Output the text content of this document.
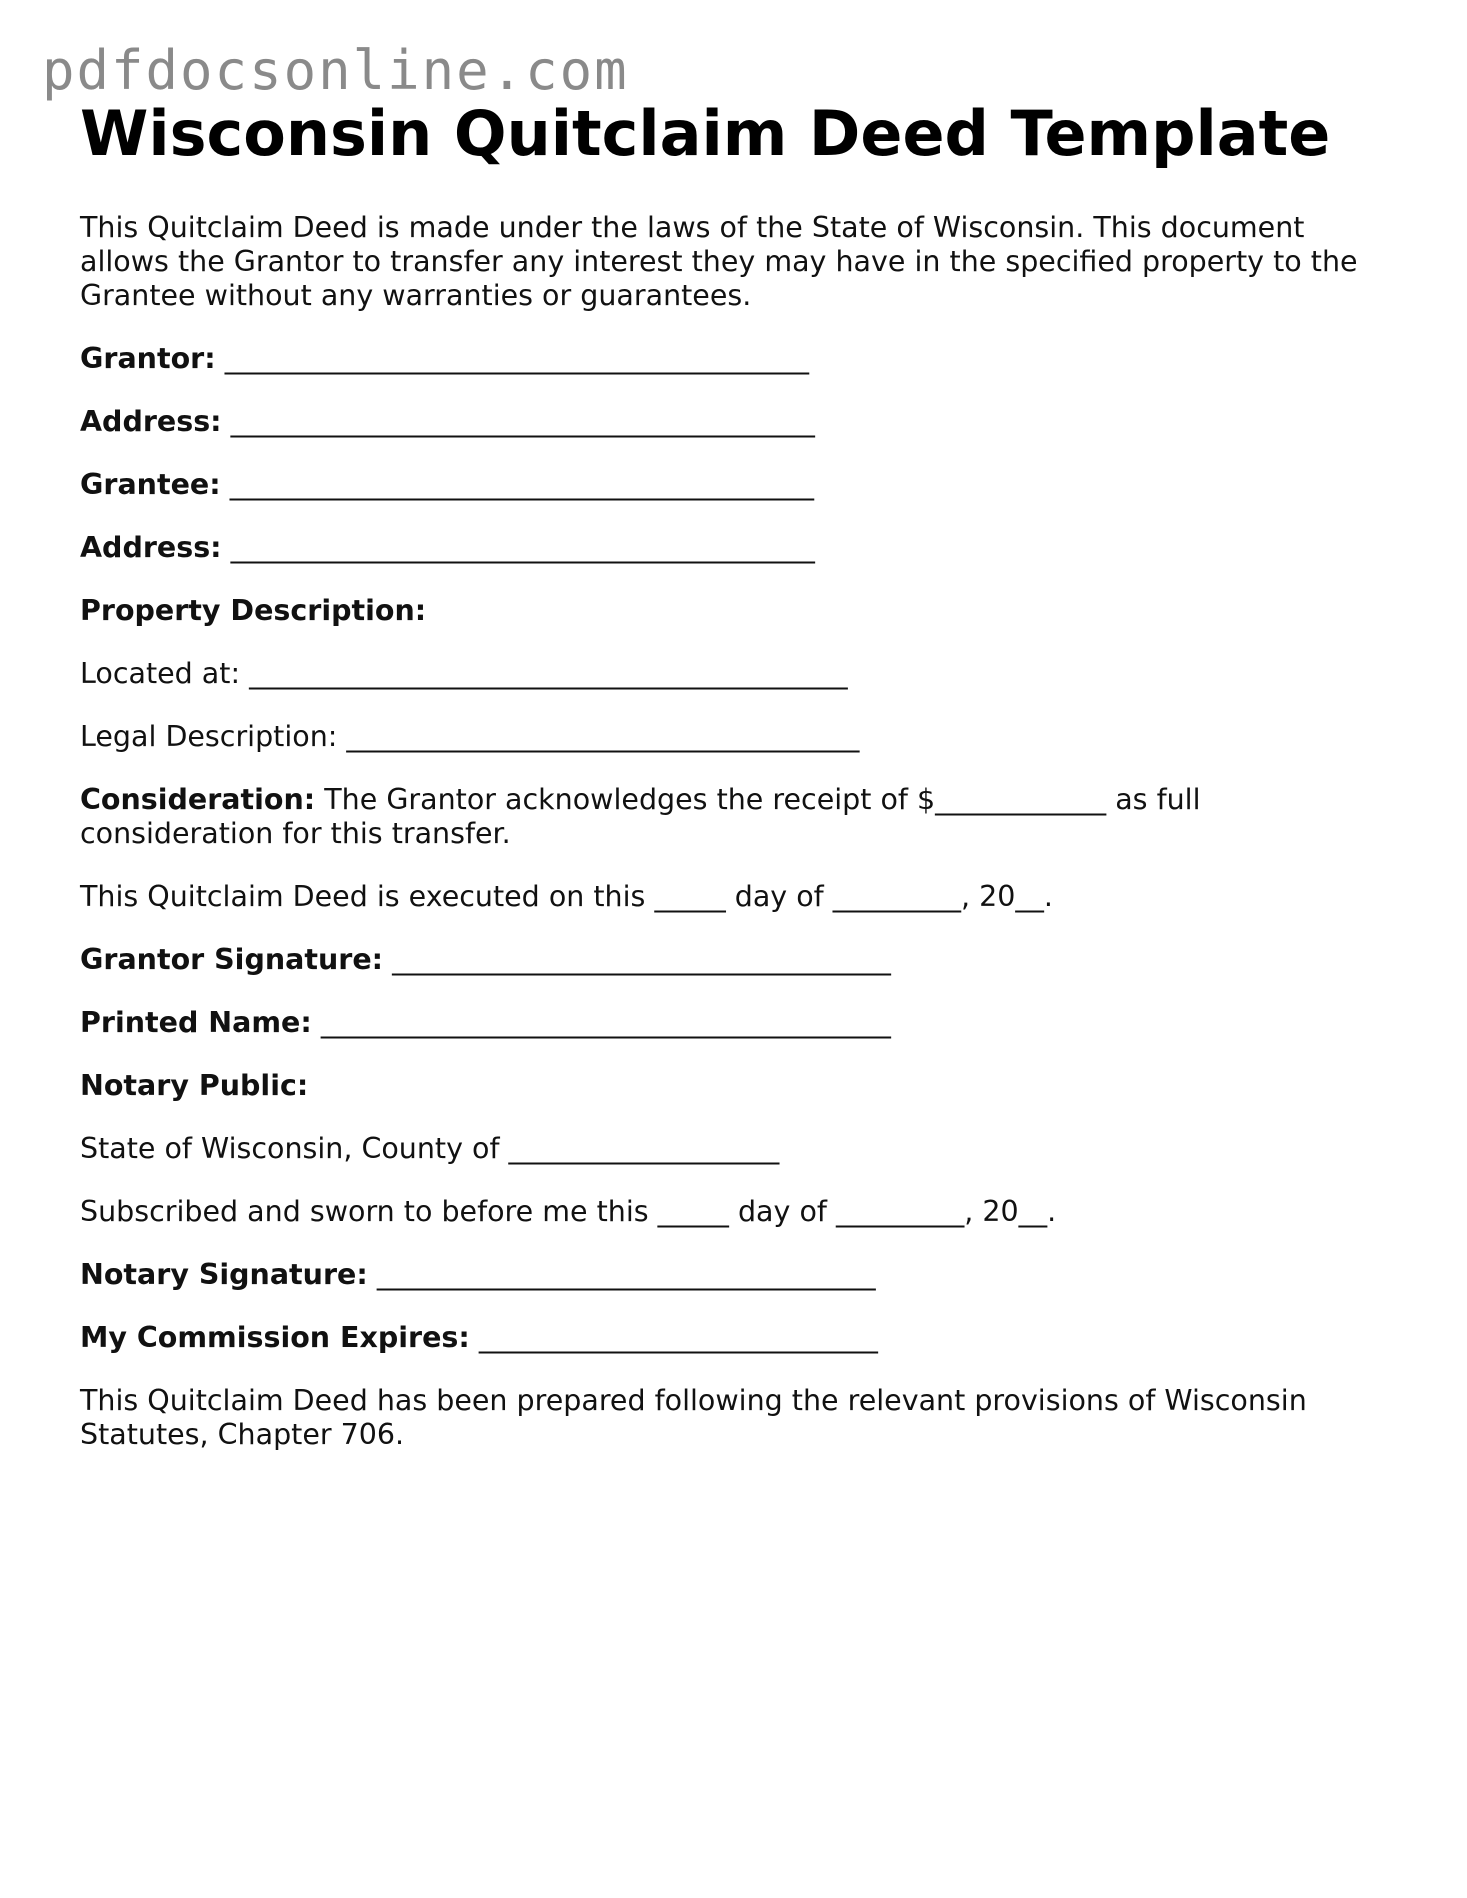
pdfdocsonline.com
Wisconsin Quitclaim Deed Template

This Quitclaim Deed is made under the laws of the State of Wisconsin. This document allows the Grantor to transfer any interest they may have in the specified property to the Grantee without any warranties or guarantees.

Grantor: _________________________________________

Address: _________________________________________

Grantee: _________________________________________

Address: _________________________________________

Property Description:

Located at: __________________________________________

Legal Description: ____________________________________

Consideration: The Grantor acknowledges the receipt of $____________ as full consideration for this transfer.

This Quitclaim Deed is executed on this _____ day of _________, 20__.

Grantor Signature: ___________________________________

Printed Name: ________________________________________

Notary Public:

State of Wisconsin, County of ___________________

Subscribed and sworn to before me this _____ day of _________, 20__.

Notary Signature: ___________________________________

My Commission Expires: ____________________________

This Quitclaim Deed has been prepared following the relevant provisions of Wisconsin Statutes, Chapter 706.
